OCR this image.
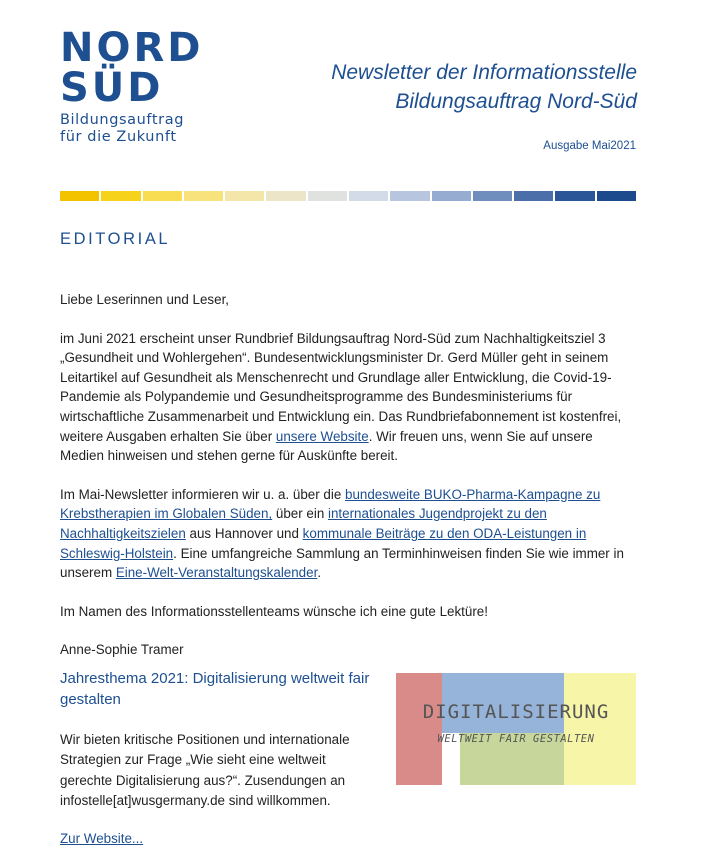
NORD
SÜD
Bildungsauftrag
für die Zukunft
Newsletter der Informationsstelle
Bildungsauftrag Nord-Süd
Ausgabe Mai2021
EDITORIAL

Liebe Leserinnen und Leser,

im Juni 2021 erscheint unser Rundbrief Bildungsauftrag Nord-Süd zum Nachhaltigkeitsziel 3 „Gesundheit und Wohlergehen“. Bundesentwicklungsminister Dr. Gerd Müller geht in seinem Leitartikel auf Gesundheit als Menschenrecht und Grundlage aller Entwicklung, die Covid-19-Pandemie als Polypandemie und Gesundheitsprogramme des Bundesministeriums für wirtschaftliche Zusammenarbeit und Entwicklung ein. Das Rundbriefabonnement ist kostenfrei, weitere Ausgaben erhalten Sie über unsere Website. Wir freuen uns, wenn Sie auf unsere Medien hinweisen und stehen gerne für Auskünfte bereit.

Im Mai-Newsletter informieren wir u. a. über die bundesweite BUKO-Pharma-Kampagne zu Krebstherapien im Globalen Süden, über ein internationales Jugendprojekt zu den Nachhaltigkeitszielen aus Hannover und kommunale Beiträge zu den ODA-Leistungen in Schleswig-Holstein. Eine umfangreiche Sammlung an Terminhinweisen finden Sie wie immer in unserem Eine-Welt-Veranstaltungskalender.

Im Namen des Informationsstellenteams wünsche ich eine gute Lektüre!

Anne-Sophie Tramer

Jahresthema 2021: Digitalisierung weltweit fair gestalten

Wir bieten kritische Positionen und internationale Strategien zur Frage „Wie sieht eine weltweit gerechte Digitalisierung aus?“. Zusendungen an infostelle[at]wusgermany.de sind willkommen.

Zur Website...
DIGITALISIERUNG
WELTWEIT FAIR GESTALTEN
